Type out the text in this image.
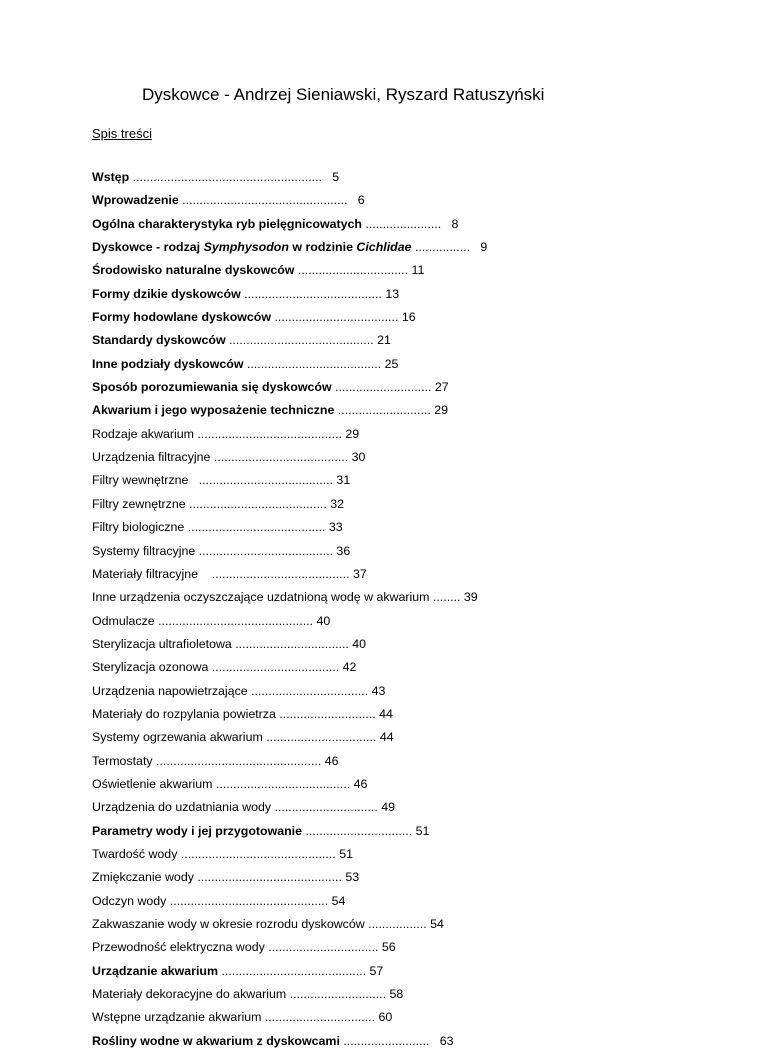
Dyskowce - Andrzej Sieniawski, Ryszard Ratuszyński
Spis treści
Wstęp .......................................................   5
Wprowadzenie ................................................   6
Ogólna charakterystyka ryb pielęgnicowatych ......................   8
Dyskowce - rodzaj Symphysodon w rodzinie Cichlidae ................   9
Środowisko naturalne dyskowców ................................ 11
Formy dzikie dyskowców ........................................ 13
Formy hodowlane dyskowców .................................... 16
Standardy dyskowców .......................................... 21
Inne podziały dyskowców ....................................... 25
Sposób porozumiewania się dyskowców ............................ 27
Akwarium i jego wyposażenie techniczne ........................... 29
Rodzaje akwarium .......................................... 29
Urządzenia filtracyjne ....................................... 30
Filtry wewnętrzne   ....................................... 31
Filtry zewnętrzne ........................................ 32
Filtry biologiczne ........................................ 33
Systemy filtracyjne ....................................... 36
Materiały filtracyjne    ........................................ 37
Inne urządzenia oczyszczające uzdatnioną wodę w akwarium ........ 39
Odmulacze ............................................. 40
Sterylizacja ultrafioletowa ................................. 40
Sterylizacja ozonowa ..................................... 42
Urządzenia napowietrzające .................................. 43
Materiały do rozpylania powietrza ............................ 44
Systemy ogrzewania akwarium ................................ 44
Termostaty ................................................ 46
Oświetlenie akwarium ....................................... 46
Urządzenia do uzdatniania wody .............................. 49
Parametry wody i jej przygotowanie ............................... 51
Twardość wody ............................................. 51
Zmiękczanie wody .......................................... 53
Odczyn wody .............................................. 54
Zakwaszanie wody w okresie rozrodu dyskowców ................. 54
Przewodność elektryczna wody ................................ 56
Urządzanie akwarium .......................................... 57
Materiały dekoracyjne do akwarium ............................ 58
Wstępne urządzanie akwarium ................................ 60
Rośliny wodne w akwarium z dyskowcami .........................   63
